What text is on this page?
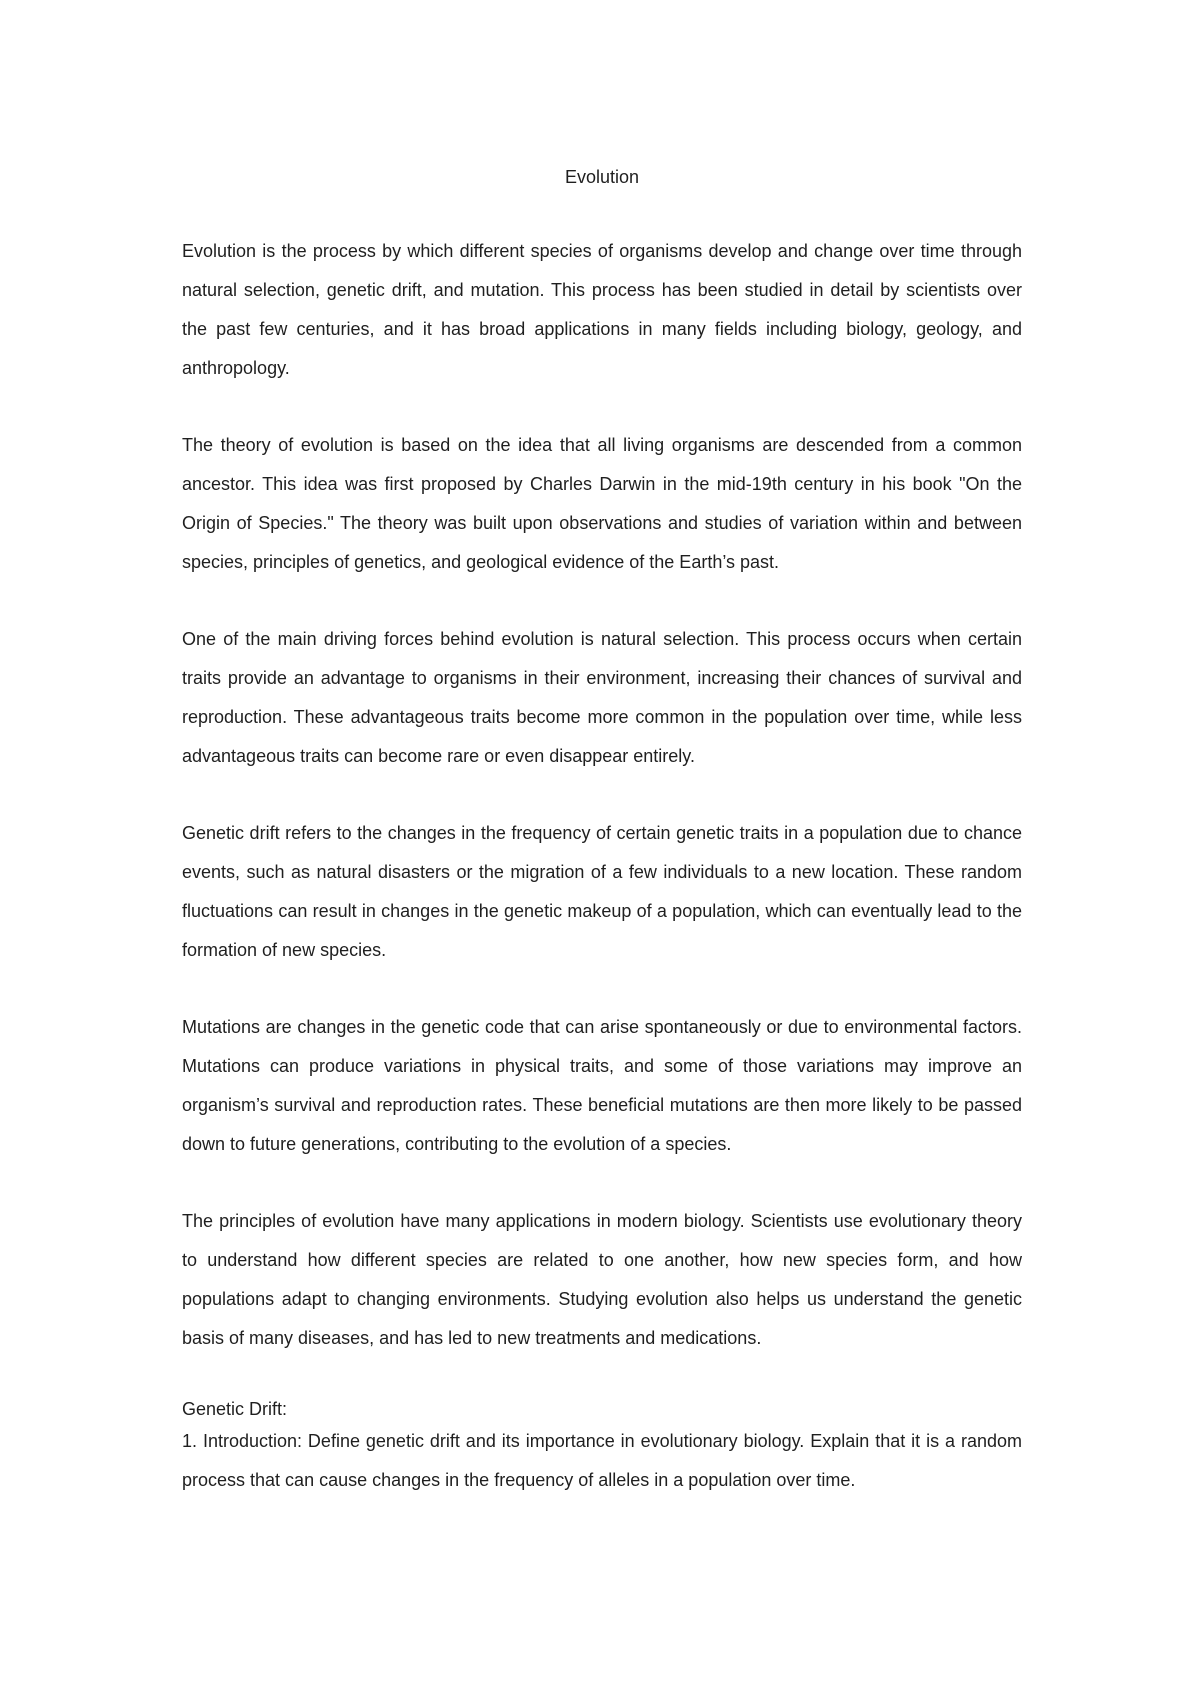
Evolution

Evolution is the process by which different species of organisms develop and change over time through natural selection, genetic drift, and mutation. This process has been studied in detail by scientists over the past few centuries, and it has broad applications in many fields including biology, geology, and anthropology.

The theory of evolution is based on the idea that all living organisms are descended from a common ancestor. This idea was first proposed by Charles Darwin in the mid-19th century in his book "On the Origin of Species." The theory was built upon observations and studies of variation within and between species, principles of genetics, and geological evidence of the Earth’s past.

One of the main driving forces behind evolution is natural selection. This process occurs when certain traits provide an advantage to organisms in their environment, increasing their chances of survival and reproduction. These advantageous traits become more common in the population over time, while less advantageous traits can become rare or even disappear entirely.

Genetic drift refers to the changes in the frequency of certain genetic traits in a population due to chance events, such as natural disasters or the migration of a few individuals to a new location. These random fluctuations can result in changes in the genetic makeup of a population, which can eventually lead to the formation of new species.

Mutations are changes in the genetic code that can arise spontaneously or due to environmental factors. Mutations can produce variations in physical traits, and some of those variations may improve an organism’s survival and reproduction rates. These beneficial mutations are then more likely to be passed down to future generations, contributing to the evolution of a species.

The principles of evolution have many applications in modern biology. Scientists use evolutionary theory to understand how different species are related to one another, how new species form, and how populations adapt to changing environments. Studying evolution also helps us understand the genetic basis of many diseases, and has led to new treatments and medications.

Genetic Drift:

1. Introduction: Define genetic drift and its importance in evolutionary biology. Explain that it is a random process that can cause changes in the frequency of alleles in a population over time.
